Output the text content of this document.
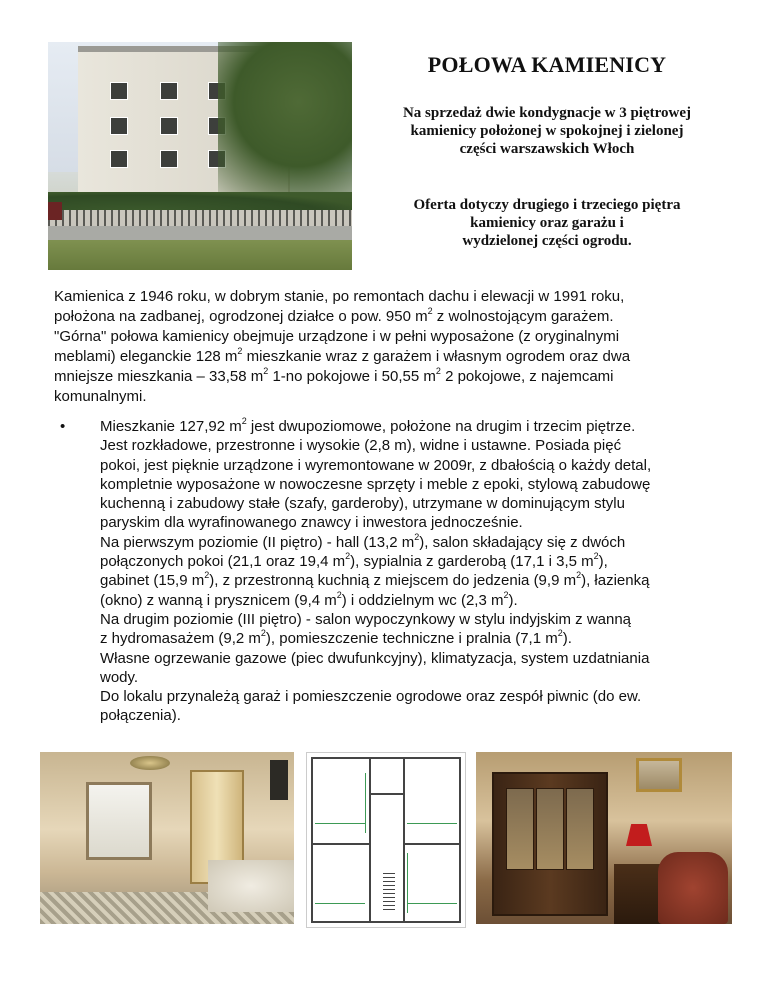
POŁOWA KAMIENICY
Na sprzedaż dwie kondygnacje w 3 piętrowej
kamienicy położonej w spokojnej i zielonej
części warszawskich Włoch
Oferta dotyczy drugiego i trzeciego piętra
kamienicy oraz garażu i
wydzielonej części ogrodu.
Kamienica z 1946 roku, w dobrym stanie, po remontach dachu i elewacji w 1991 roku,
położona na zadbanej, ogrodzonej działce o pow. 950 $m^2$ z wolnostojącym garażem.
"Górna" połowa kamienicy obejmuje urządzone i w pełni wyposażone (z oryginalnymi
meblami) eleganckie 128 $m^2$ mieszkanie wraz z garażem i własnym ogrodem oraz dwa
mniejsze mieszkania – 33,58 $m^2$ 1-no pokojowe i 50,55 $m^2$ 2 pokojowe, z najemcami
komunalnymi.
• Mieszkanie 127,92 $m^2$ jest dwupoziomowe, położone na drugim i trzecim piętrze.
Jest rozkładowe, przestronne i wysokie (2,8 m), widne i ustawne. Posiada pięć
pokoi, jest pięknie urządzone i wyremontowane w 2009r, z dbałością o każdy detal,
kompletnie wyposażone w nowoczesne sprzęty i meble z epoki, stylową zabudowę
kuchenną i zabudowy stałe (szafy, garderoby), utrzymane w dominującym stylu
paryskim dla wyrafinowanego znawcy i inwestora jednocześnie.
Na pierwszym poziomie (II piętro) - hall (13,2 $m^2$), salon składający się z dwóch
połączonych pokoi (21,1 oraz 19,4 $m^2$), sypialnia z garderobą (17,1 i 3,5 $m^2$),
gabinet (15,9 $m^2$), z przestronną kuchnią z miejscem do jedzenia (9,9 $m^2$), łazienką
(okno) z wanną i prysznicem (9,4 $m^2$) i oddzielnym wc (2,3 $m^2$).
Na drugim poziomie (III piętro) - salon wypoczynkowy w stylu indyjskim z wanną
z hydromasażem (9,2 $m^2$), pomieszczenie techniczne i pralnia (7,1 $m^2$).
Własne ogrzewanie gazowe (piec dwufunkcyjny), klimatyzacja, system uzdatniania
wody.
Do lokalu przynależą garaż i pomieszczenie ogrodowe oraz zespół piwnic (do ew.
połączenia).
